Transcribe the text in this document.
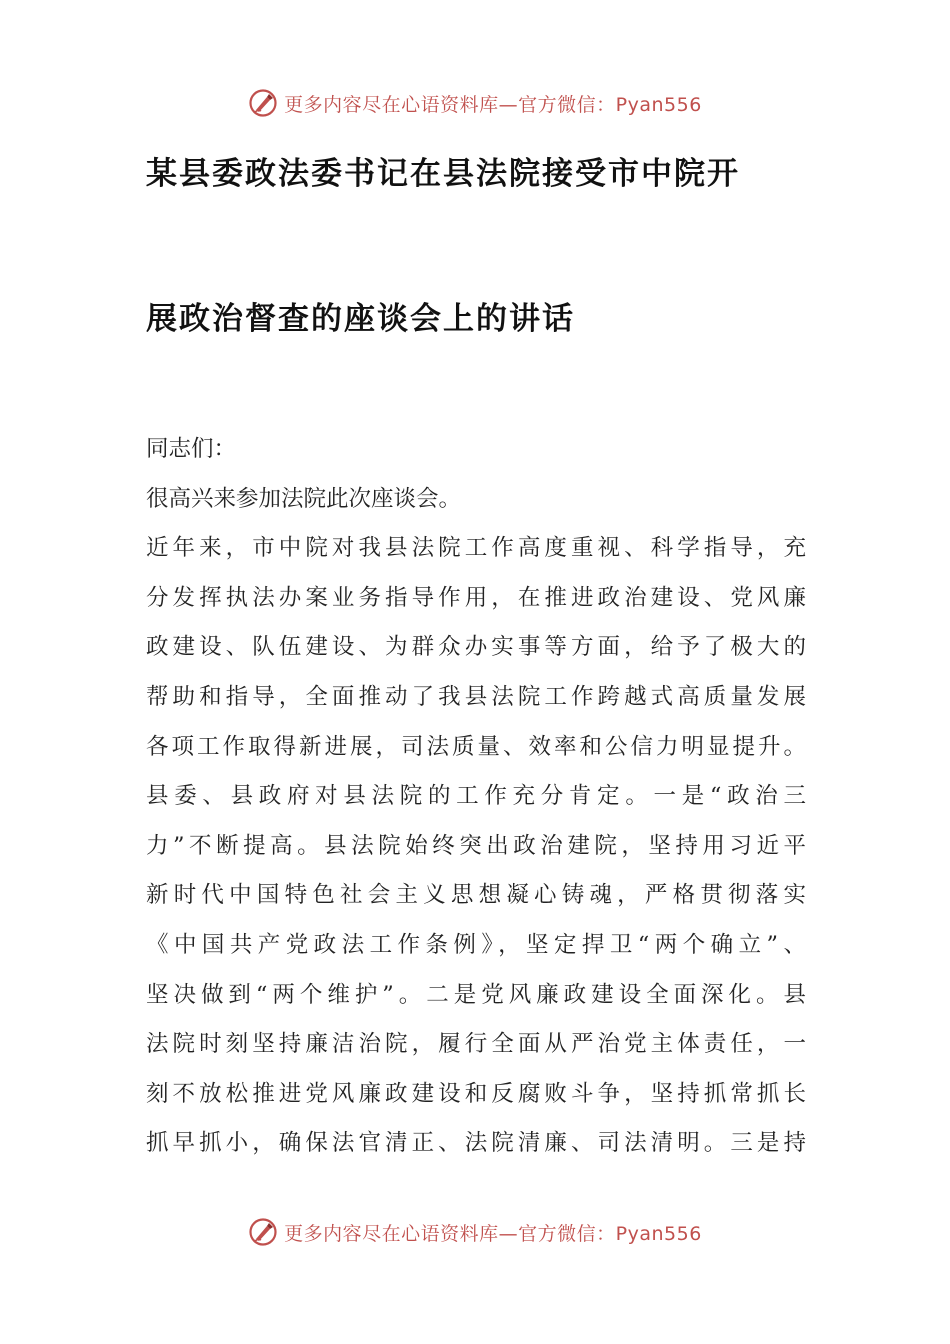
更多内容尽在心语资料库—官方微信：Pyan556
某县委政法委书记在县法院接受市中院开
展政治督查的座谈会上的讲话
同志们：
很高兴来参加法院此次座谈会。
近年来，市中院对我县法院工作高度重视、科学指导，充
分发挥执法办案业务指导作用，在推进政治建设、党风廉
政建设、队伍建设、为群众办实事等方面，给予了极大的
帮助和指导，全面推动了我县法院工作跨越式高质量发展
各项工作取得新进展，司法质量、效率和公信力明显提升。
县委、县政府对县法院的工作充分肯定。一是“政治三
力”不断提高。县法院始终突出政治建院，坚持用习近平
新时代中国特色社会主义思想凝心铸魂，严格贯彻落实
《中国共产党政法工作条例》，坚定捍卫“两个确立”、
坚决做到“两个维护”。二是党风廉政建设全面深化。县
法院时刻坚持廉洁治院，履行全面从严治党主体责任，一
刻不放松推进党风廉政建设和反腐败斗争，坚持抓常抓长
抓早抓小，确保法官清正、法院清廉、司法清明。三是持
更多内容尽在心语资料库—官方微信：Pyan556
